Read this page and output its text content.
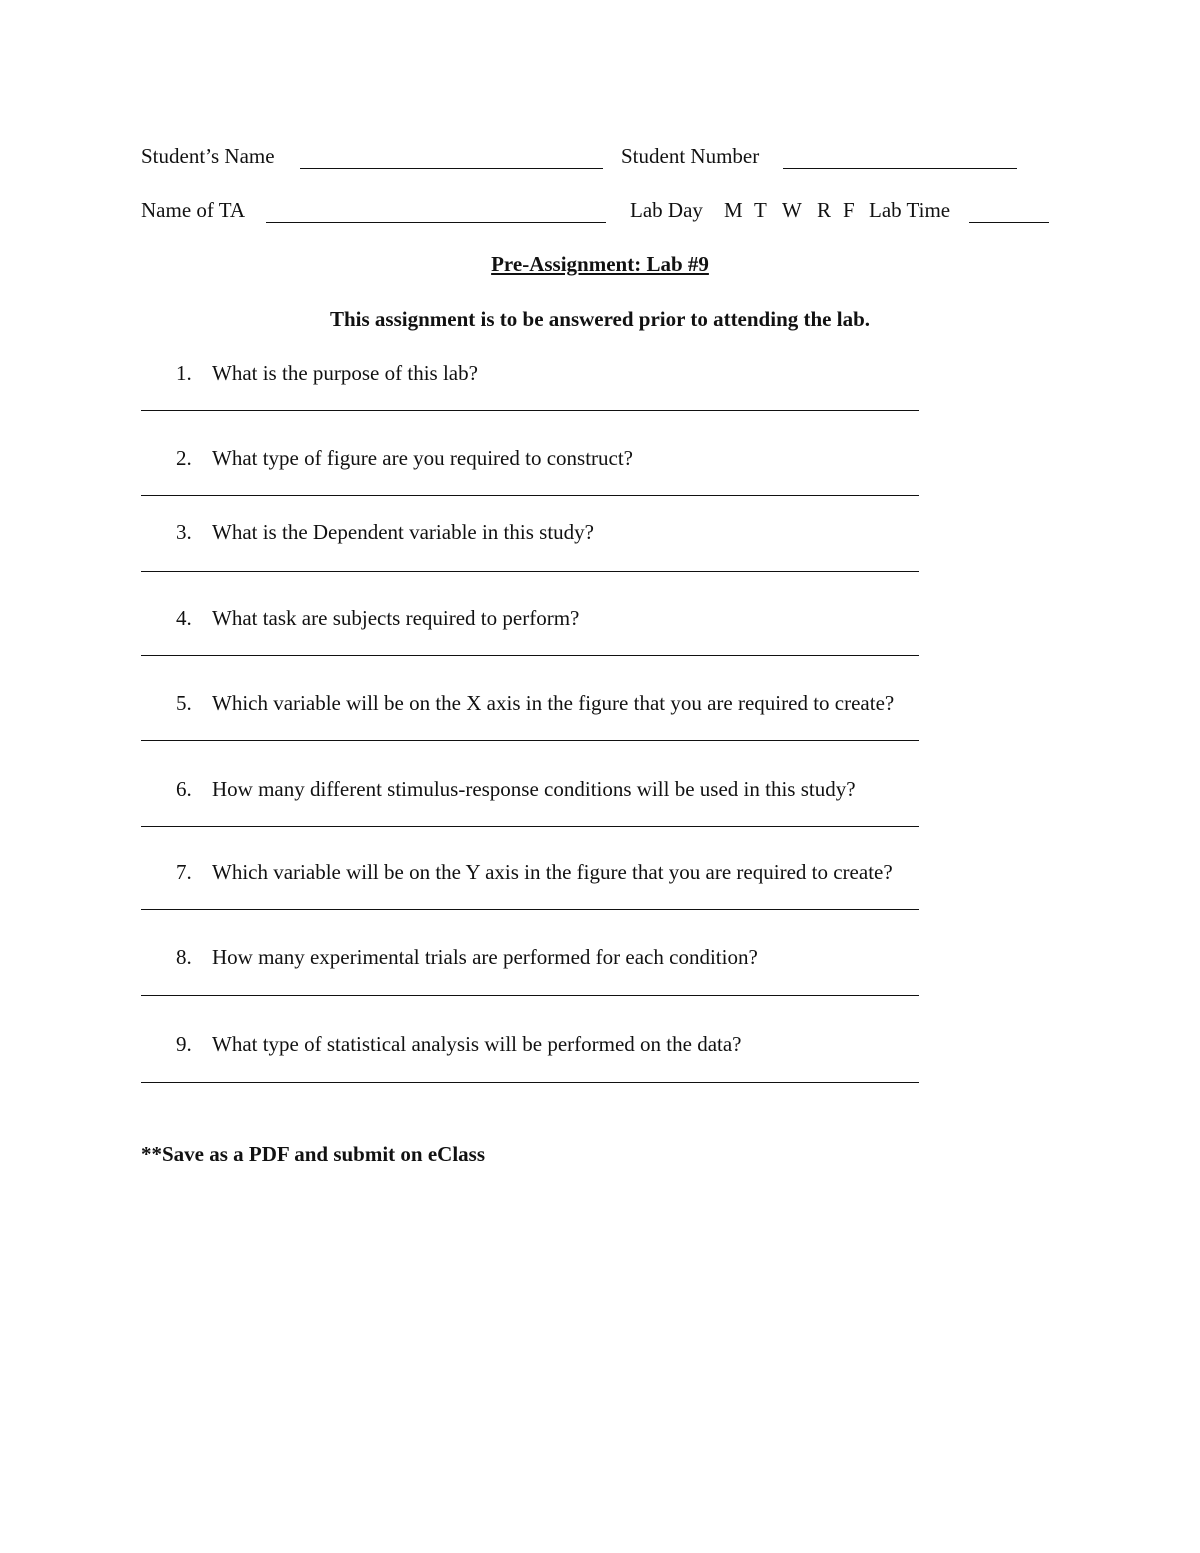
Student’s Name	Student Number
Name of TA	Lab Day M T W R F Lab Time
Pre-Assignment: Lab #9
This assignment is to be answered prior to attending the lab.
1. What is the purpose of this lab?
2. What type of figure are you required to construct?
3. What is the Dependent variable in this study?
4. What task are subjects required to perform?
5. Which variable will be on the X axis in the figure that you are required to create?
6. How many different stimulus-response conditions will be used in this study?
7. Which variable will be on the Y axis in the figure that you are required to create?
8. How many experimental trials are performed for each condition?
9. What type of statistical analysis will be performed on the data?
**Save as a PDF and submit on eClass
